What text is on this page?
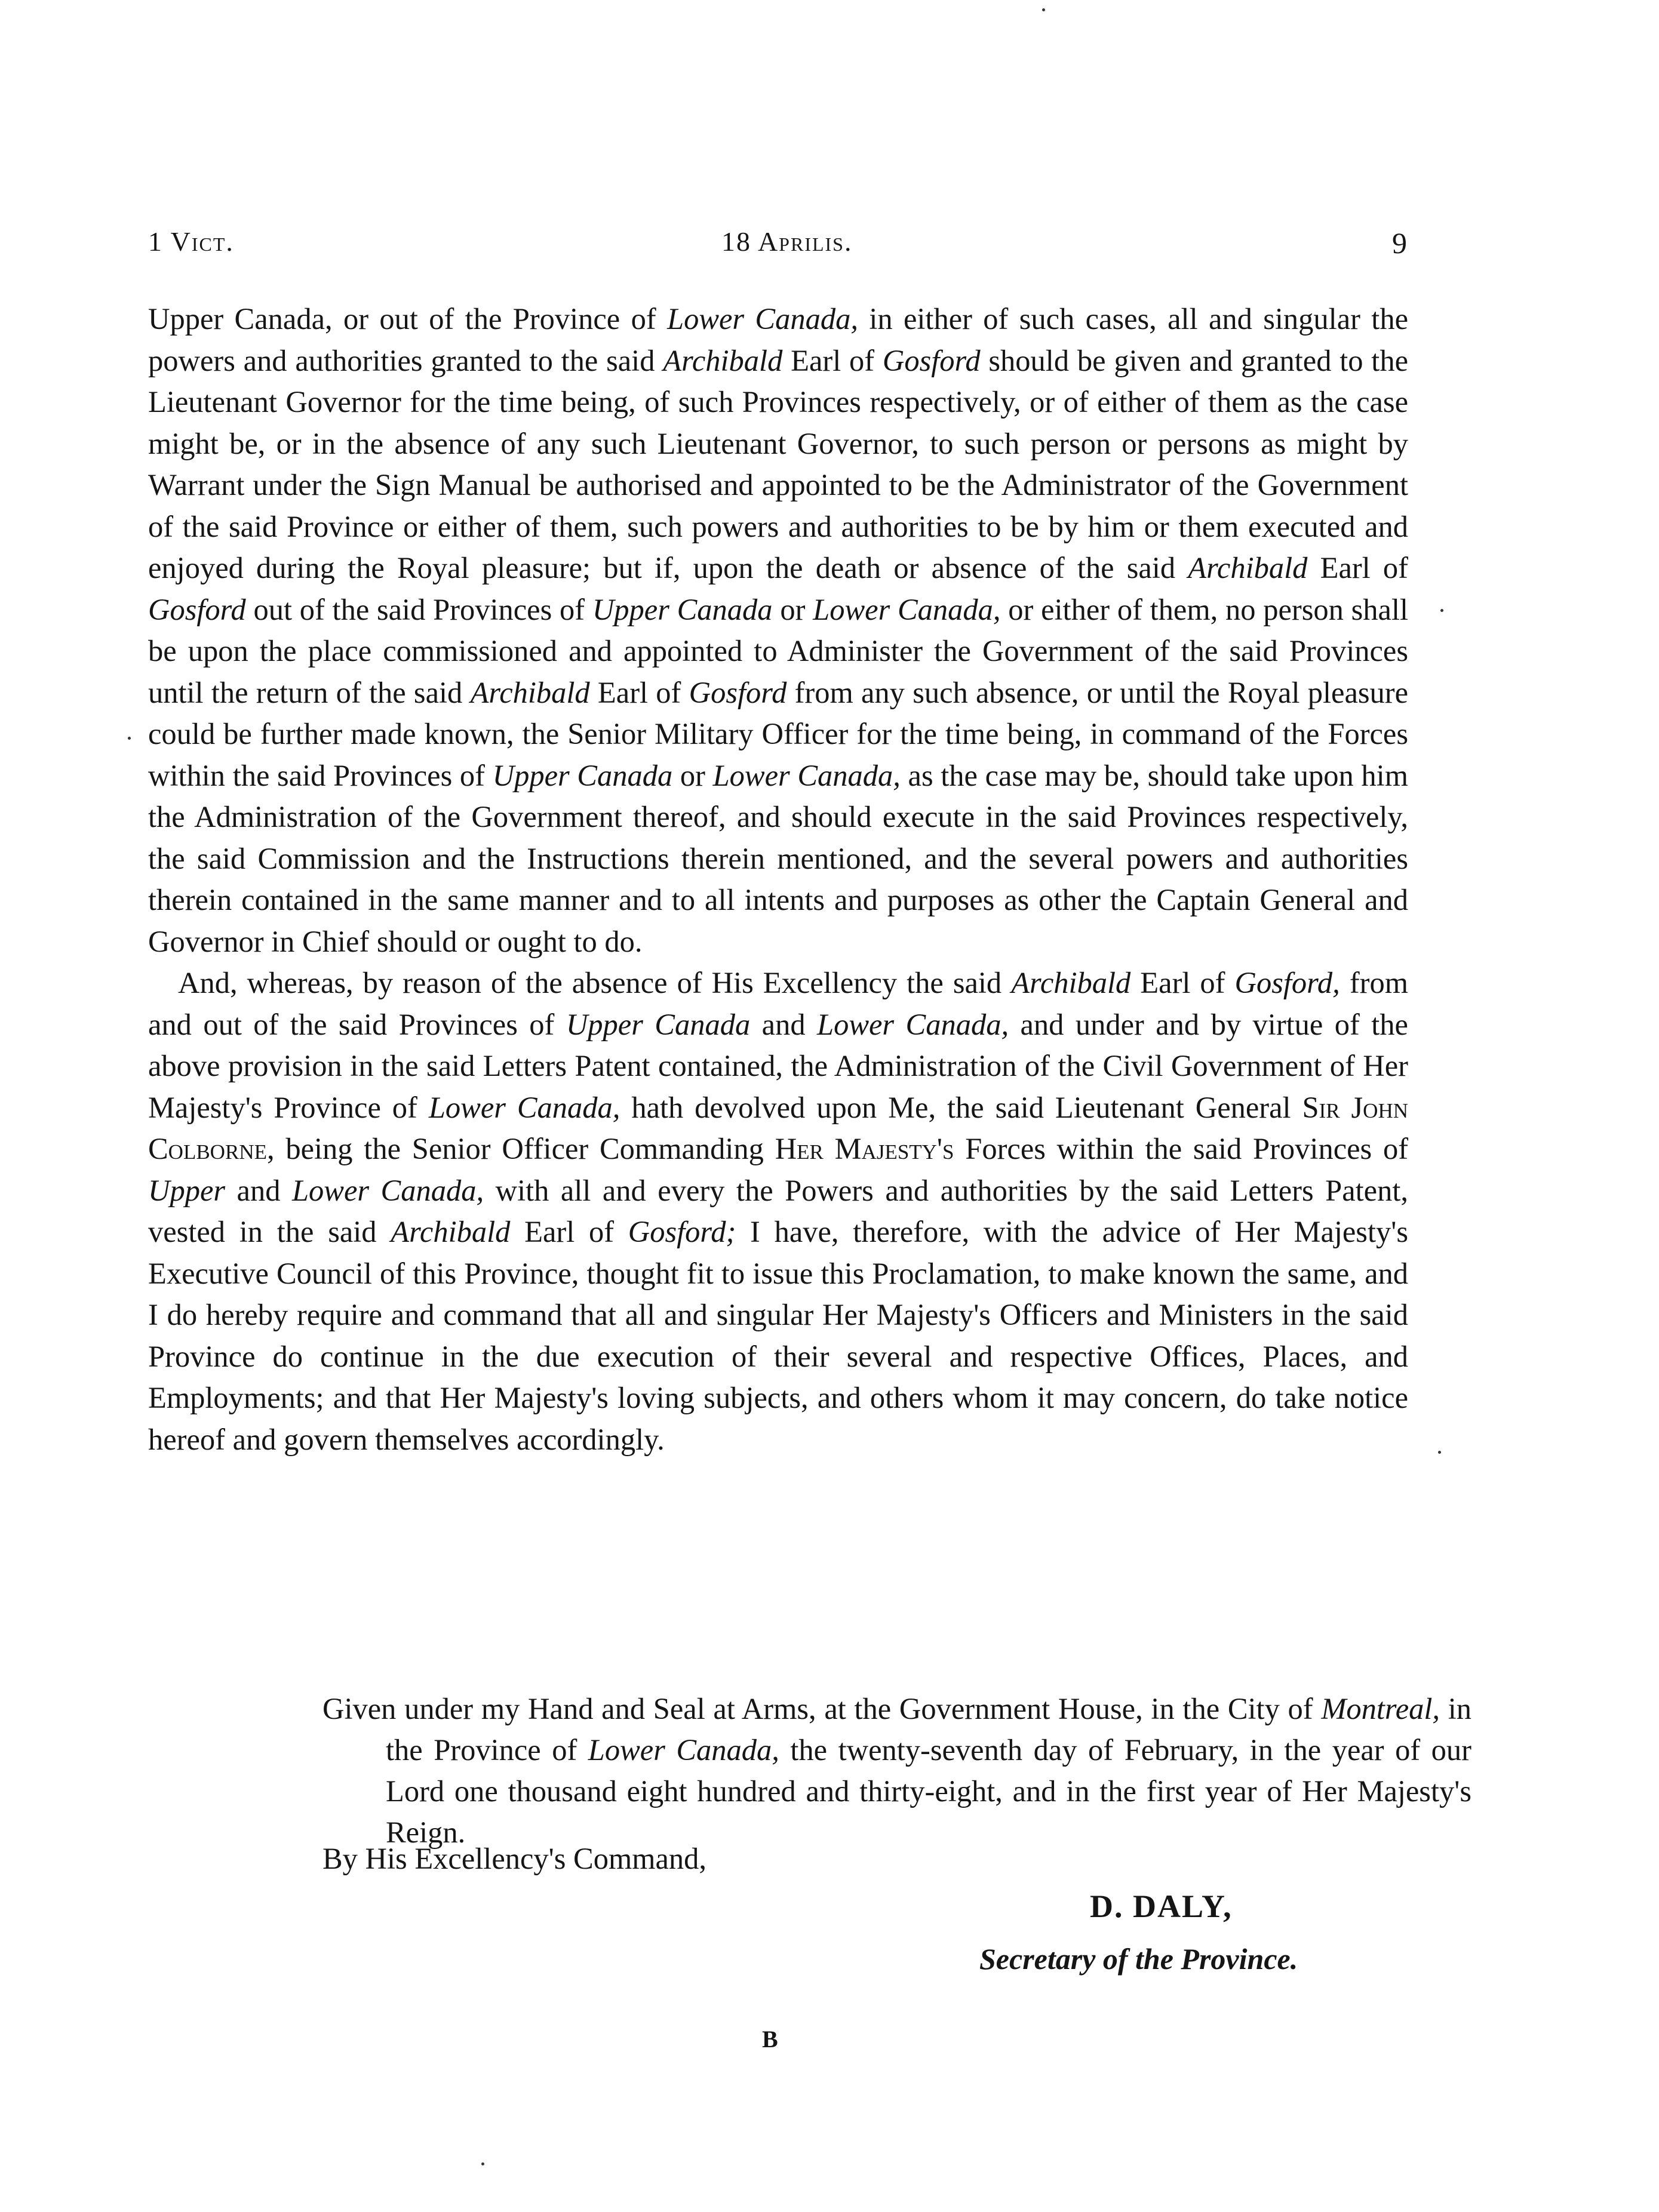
1 Vict.	18 Aprilis.	9

Upper Canada, or out of the Province of Lower Canada, in either of such cases, all and singular the powers and authorities granted to the said Archibald Earl of Gosford should be given and granted to the Lieutenant Governor for the time being, of such Provinces respectively, or of either of them as the case might be, or in the absence of any such Lieutenant Governor, to such person or persons as might by Warrant under the Sign Manual be authorised and appointed to be the Administrator of the Government of the said Province or either of them, such powers and authorities to be by him or them executed and enjoyed during the Royal pleasure; but if, upon the death or absence of the said Archibald Earl of Gosford out of the said Provinces of Upper Canada or Lower Canada, or either of them, no person shall be upon the place commissioned and appointed to Administer the Government of the said Provinces until the return of the said Archibald Earl of Gosford from any such absence, or until the Royal pleasure could be further made known, the Senior Military Officer for the time being, in command of the Forces within the said Provinces of Upper Canada or Lower Canada, as the case may be, should take upon him the Administration of the Government thereof, and should execute in the said Provinces respectively, the said Commission and the Instructions therein mentioned, and the several powers and authorities therein contained in the same manner and to all intents and purposes as other the Captain General and Governor in Chief should or ought to do.

And, whereas, by reason of the absence of His Excellency the said Archibald Earl of Gosford, from and out of the said Provinces of Upper Canada and Lower Canada, and under and by virtue of the above provision in the said Letters Patent contained, the Administration of the Civil Government of Her Majesty's Province of Lower Canada, hath devolved upon Me, the said Lieutenant General Sir John Colborne, being the Senior Officer Commanding Her Majesty's Forces within the said Provinces of Upper and Lower Canada, with all and every the Powers and authorities by the said Letters Patent, vested in the said Archibald Earl of Gosford; I have, therefore, with the advice of Her Majesty's Executive Council of this Province, thought fit to issue this Proclamation, to make known the same, and I do hereby require and command that all and singular Her Majesty's Officers and Ministers in the said Province do continue in the due execution of their several and respective Offices, Places, and Employments; and that Her Majesty's loving subjects, and others whom it may concern, do take notice hereof and govern themselves accordingly.

Given under my Hand and Seal at Arms, at the Government House, in the City of Montreal, in the Province of Lower Canada, the twenty-seventh day of February, in the year of our Lord one thousand eight hundred and thirty-eight, and in the first year of Her Majesty's Reign.
By His Excellency's Command,
D. DALY,
Secretary of the Province.
B
